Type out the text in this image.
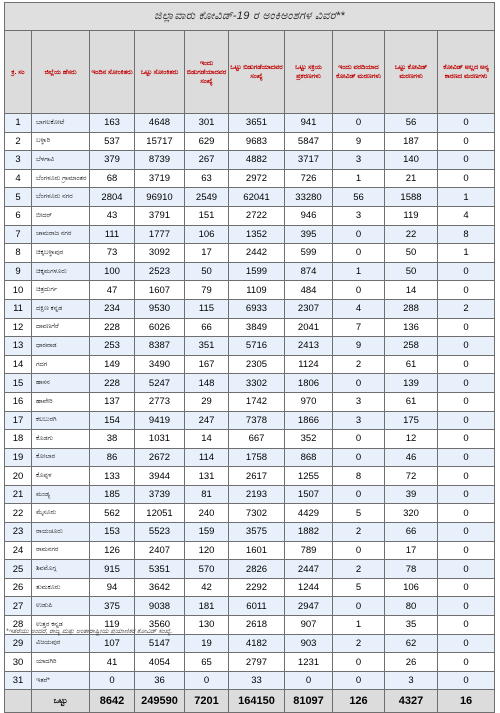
ಜಿಲ್ಲಾವಾರು ಕೋವಿಡ್-19 ರ ಅಂಕಿಅಂಶಗಳ ವಿವರ**									
ಕ್ರ. ಸಂ	ಜಿಲ್ಲೆಯ ಹೆಸರು	ಇಂದಿನ ಸೋಂಕಿತರು	ಒಟ್ಟು ಸೋಂಕಿತರು	ಇಂದು ಬಿಡುಗಡೆಯಾದವರ ಸಂಖ್ಯೆ	ಒಟ್ಟು ಬಿಡುಗಡೆಯಾದವರ ಸಂಖ್ಯೆ	ಒಟ್ಟು ಸಕ್ರಿಯ ಪ್ರಕರಣಗಳು	ಇಂದು ವರದಿಯಾದ ಕೋವಿಡ್ ಮರಣಗಳು	ಒಟ್ಟು ಕೋವಿಡ್ ಮರಣಗಳು	ಕೋವಿಡ್ ಅಲ್ಲದ ಅನ್ಯ ಕಾರಣದ ಮರಣಗಳು
1	ಬಾಗಲಕೋಟೆ	163	4648	301	3651	941	0	56	0
2	ಬಳ್ಳಾರಿ	537	15717	629	9683	5847	9	187	0
3	ಬೆಳಗಾವಿ	379	8739	267	4882	3717	3	140	0
4	ಬೆಂಗಳೂರು ಗ್ರಾಮಾಂತರ	68	3719	63	2972	726	1	21	0
5	ಬೆಂಗಳೂರು ನಗರ	2804	96910	2549	62041	33280	56	1588	1
6	ಬೀದರ್	43	3791	151	2722	946	3	119	4
7	ಚಾಮರಾಜ ನಗರ	111	1777	106	1352	395	0	22	8
8	ಚಿಕ್ಕಬಳ್ಳಾಪುರ	73	3092	17	2442	599	0	50	1
9	ಚಿಕ್ಕಮಗಳೂರು	100	2523	50	1599	874	1	50	0
10	ಚಿತ್ರದುರ್ಗ	47	1607	79	1109	484	0	14	0
11	ದಕ್ಷಿಣ ಕನ್ನಡ	234	9530	115	6933	2307	4	288	2
12	ದಾವಣಗೆರೆ	228	6026	66	3849	2041	7	136	0
13	ಧಾರವಾಡ	253	8387	351	5716	2413	9	258	0
14	ಗದಗ	149	3490	167	2305	1124	2	61	0
15	ಹಾಸನ	228	5247	148	3302	1806	0	139	0
16	ಹಾವೇರಿ	137	2773	29	1742	970	3	61	0
17	ಕಲಬುರಗಿ	154	9419	247	7378	1866	3	175	0
18	ಕೊಡಗು	38	1031	14	667	352	0	12	0
19	ಕೋಲಾರ	86	2672	114	1758	868	0	46	0
20	ಕೊಪ್ಪಳ	133	3944	131	2617	1255	8	72	0
21	ಮಂಡ್ಯ	185	3739	81	2193	1507	0	39	0
22	ಮೈಸೂರು	562	12051	240	7302	4429	5	320	0
23	ರಾಯಚೂರು	153	5523	159	3575	1882	2	66	0
24	ರಾಮನಗರ	126	2407	120	1601	789	0	17	0
25	ಶಿವಮೊಗ್ಗ	915	5351	570	2826	2447	2	78	0
26	ತುಮಕೂರು	94	3642	42	2292	1244	5	106	0
27	ಉಡುಪಿ	375	9038	181	6011	2947	0	80	0
28	ಉತ್ತರ ಕನ್ನಡ	119	3560	130	2618	907	1	35	0
29	ವಿಜಯಪುರ	107	5147	19	4182	903	2	62	0
30	ಯಾದಗಿರಿ	41	4054	65	2797	1231	0	26	0
31	ಇತರೆ*	0	36	0	33	0	0	3	0
	ಒಟ್ಟು	8642	249590	7201	164150	81097	126	4327	16
*ಇತರೆಯು ಅಂದರೆ, ರಾಜ್ಯ ಮತ್ತು ಅಂತಾರಾಷ್ಟ್ರೀಯ ಪ್ರಯಾಣಿಕರ ಕೋವಿಡ್ ಸಂಖ್ಯೆ.
